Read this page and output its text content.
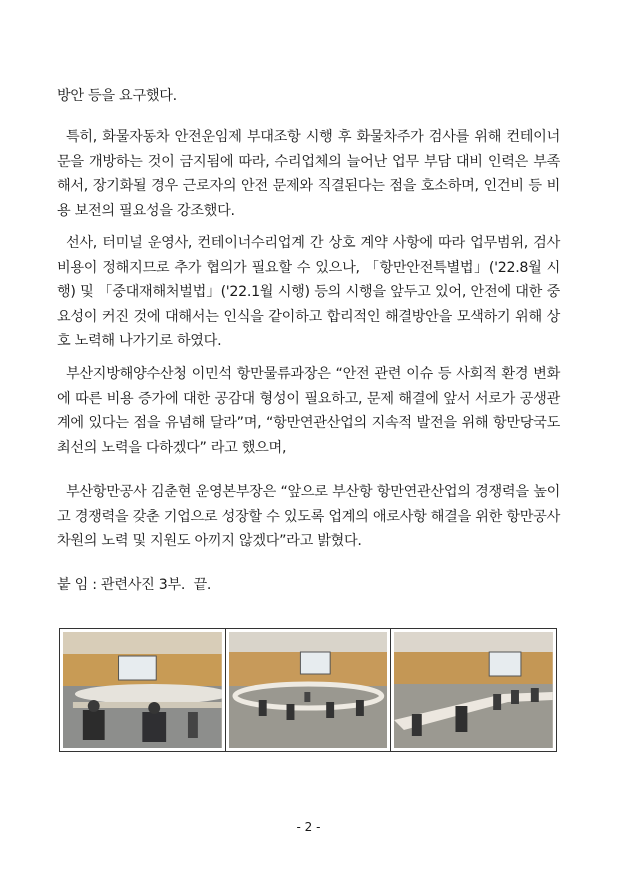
방안 등을 요구했다.

특히, 화물자동차 안전운임제 부대조항 시행 후 화물차주가 검사를 위해 컨테이너 문을 개방하는 것이 금지됨에 따라, 수리업체의 늘어난 업무 부담 대비 인력은 부족해서, 장기화될 경우 근로자의 안전 문제와 직결된다는 점을 호소하며, 인건비 등 비용 보전의 필요성을 강조했다.

선사, 터미널 운영사, 컨테이너수리업계 간 상호 계약 사항에 따라 업무범위, 검사비용이 정해지므로 추가 협의가 필요할 수 있으나, 「항만안전특별법」('22.8월 시행) 및 「중대재해처벌법」('22.1월 시행) 등의 시행을 앞두고 있어, 안전에 대한 중요성이 커진 것에 대해서는 인식을 같이하고 합리적인 해결방안을 모색하기 위해 상호 노력해 나가기로 하였다.

부산지방해양수산청 이민석 항만물류과장은 “안전 관련 이슈 등 사회적 환경 변화에 따른 비용 증가에 대한 공감대 형성이 필요하고, 문제 해결에 앞서 서로가 공생관계에 있다는 점을 유념해 달라”며, “항만연관산업의 지속적 발전을 위해 항만당국도 최선의 노력을 다하겠다” 라고 했으며,

부산항만공사 김춘현 운영본부장은 “앞으로 부산항 항만연관산업의 경쟁력을 높이고 경쟁력을 갖춘 기업으로 성장할 수 있도록 업계의 애로사항 해결을 위한 항만공사 차원의 노력 및 지원도 아끼지 않겠다”라고 밝혔다.

붙 임 : 관련사진 3부.  끝.
- 2 -
